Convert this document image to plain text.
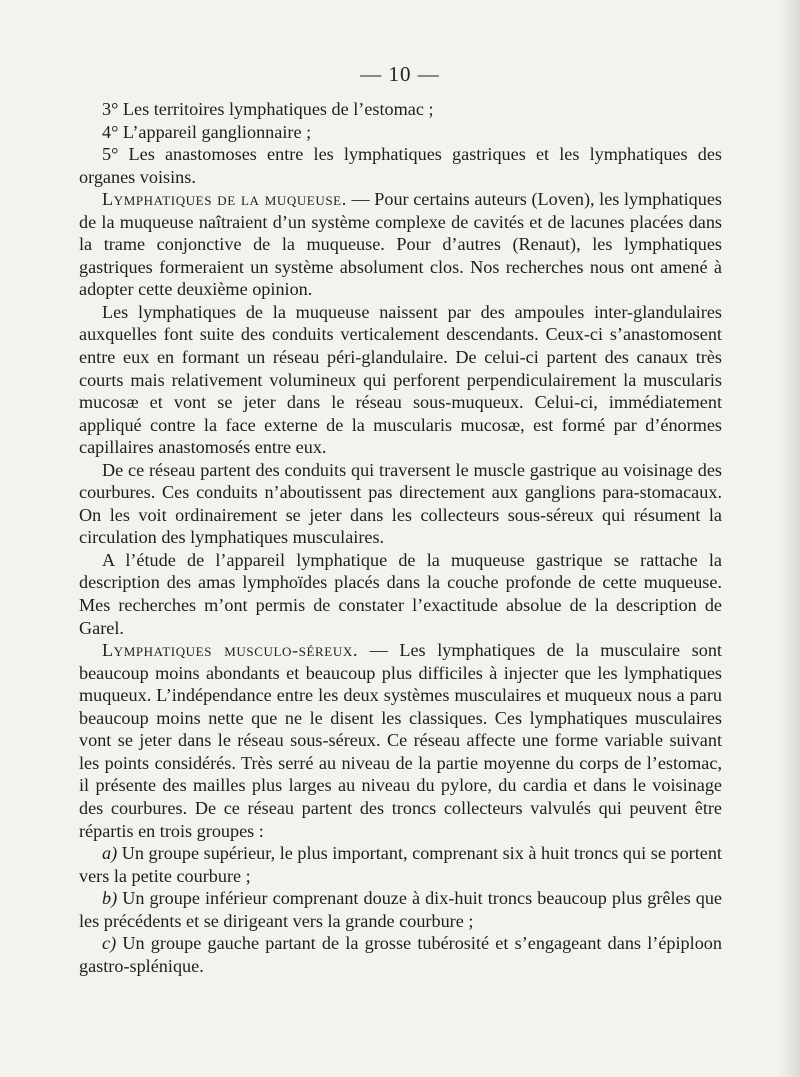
— 10 —

3° Les territoires lymphatiques de l’estomac ;

4° L’appareil ganglionnaire ;

5° Les anastomoses entre les lymphatiques gastriques et les lymphatiques des organes voisins.

Lymphatiques de la muqueuse. — Pour certains auteurs (Loven), les lymphatiques de la muqueuse naîtraient d’un système complexe de cavités et de lacunes placées dans la trame conjonctive de la muqueuse. Pour d’autres (Renaut), les lymphatiques gastriques formeraient un système absolument clos. Nos recherches nous ont amené à adopter cette deuxième opinion.

Les lymphatiques de la muqueuse naissent par des ampoules inter-glandulaires auxquelles font suite des conduits verticalement descendants. Ceux-ci s’anastomosent entre eux en formant un réseau péri-glandulaire. De celui-ci partent des canaux très courts mais relativement volumineux qui perforent perpendiculairement la muscularis mucosæ et vont se jeter dans le réseau sous-muqueux. Celui-ci, immédiatement appliqué contre la face externe de la muscularis mucosæ, est formé par d’énormes capillaires anastomosés entre eux.

De ce réseau partent des conduits qui traversent le muscle gastrique au voisinage des courbures. Ces conduits n’aboutissent pas directement aux ganglions para-stomacaux. On les voit ordinairement se jeter dans les collecteurs sous-séreux qui résument la circulation des lymphatiques musculaires.

A l’étude de l’appareil lymphatique de la muqueuse gastrique se rattache la description des amas lymphoïdes placés dans la couche profonde de cette muqueuse. Mes recherches m’ont permis de constater l’exactitude absolue de la description de Garel.

Lymphatiques musculo-séreux. — Les lymphatiques de la musculaire sont beaucoup moins abondants et beaucoup plus difficiles à injecter que les lymphatiques muqueux. L’indépendance entre les deux systèmes musculaires et muqueux nous a paru beaucoup moins nette que ne le disent les classiques. Ces lymphatiques musculaires vont se jeter dans le réseau sous-séreux. Ce réseau affecte une forme variable suivant les points considérés. Très serré au niveau de la partie moyenne du corps de l’estomac, il présente des mailles plus larges au niveau du pylore, du cardia et dans le voisinage des courbures. De ce réseau partent des troncs collecteurs valvulés qui peuvent être répartis en trois groupes :

a) Un groupe supérieur, le plus important, comprenant six à huit troncs qui se portent vers la petite courbure ;

b) Un groupe inférieur comprenant douze à dix-huit troncs beaucoup plus grêles que les précédents et se dirigeant vers la grande courbure ;

c) Un groupe gauche partant de la grosse tubérosité et s’engageant dans l’épiploon gastro-splénique.
